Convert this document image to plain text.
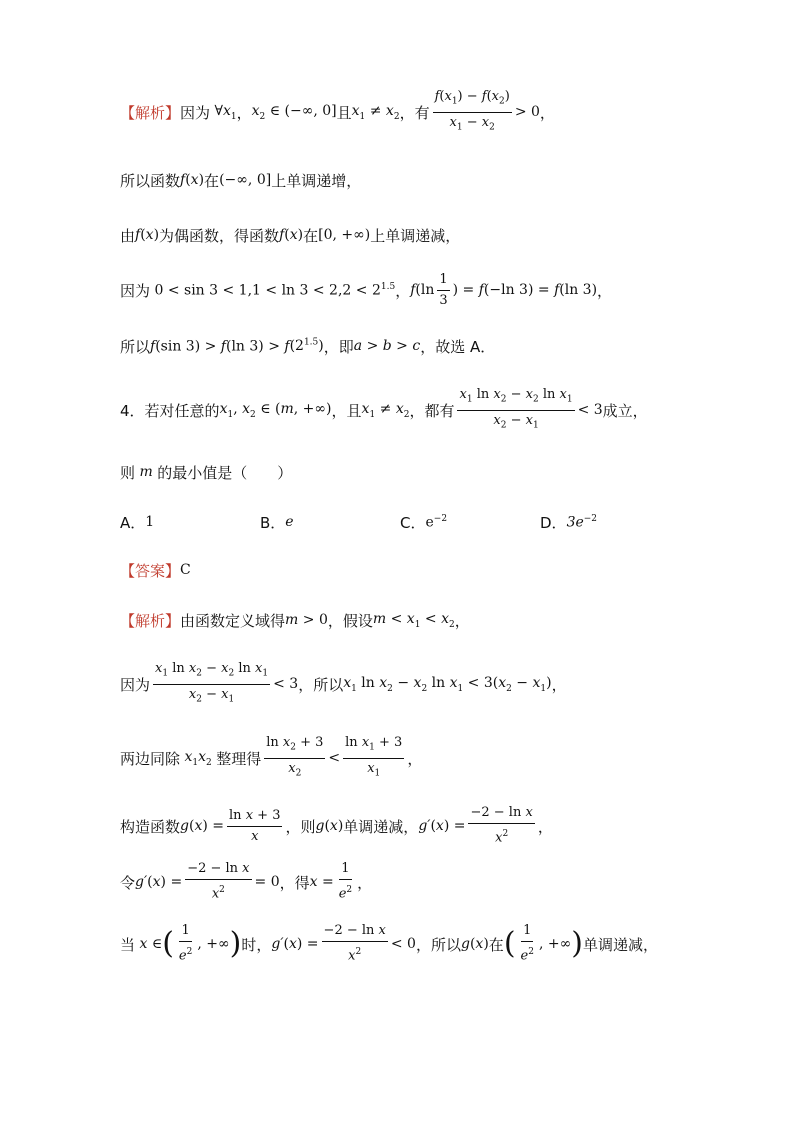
【解析】 因为 $\forall x_1$ ， $x_2$ ∈ (−∞, 0] 且 $x_1 \ne x_2$ ，有 $\frac{f(x_1) - f(x_2)}{x_1 - x_2} > 0$ ，
所以函数 f(x) 在 (−∞, 0] 上单调递增，
由 f(x) 为偶函数，得函数 f(x) 在 [0, +∞) 上单调递减，
因为 $0 < \sin 3 < 1,1 < \ln 3 < 2,2 < 2^{1.5}$ ， $f(\ln \frac{1}{3}$ ) = f(−ln 3) = f(ln 3) ，
所以 f(sin 3) > f(ln $3) > f(2^{1.5})$ ，即 a > b > c ，故选 A．
4． 若对任意的 $x_1$, $x_2$ ∈ (m, +∞) ，且 $x_1 \ne x_2$ ，都有 $\frac{x_1 \ln x_2 - x_2 \ln x_1}{x_2 - x_1} < 3$ 成立，
则 m 的最小值是（　　）
A． 1	B． e	C． $e^{-2}$	D． $3e^{-2}$
【答案】 C
【解析】 由函数定义域得 m > 0 ，假设 $m < x_1 < x_2$ ，
因为 $\frac{x_1 \ln x_2 - x_2 \ln x_1}{x_2 - x_1} < 3$ ，所以 $x_1$ $\ln x_2 - x_2$ $\ln x_1 < 3(x_2 - x_1)$ ，
两边同除 $x_1x_2$ 整理得 $\frac{\ln x_2 + 3}{x_2} < \frac{\ln x_1 + 3}{x_1}$ ，
构造函数 $g(x) = \frac{\text{ln x + 3}}{x}$ ，则 g(x) 单调递减， $g'(x) = \frac{\text{−2 − ln x}}{x^2}$ ，
令 $g'(x) = \frac{\text{−2 − ln x}}{x^2} = 0$ ，得 $x = \frac{1}{e^2}$ ，
当 x ∈ ( $\frac{1}{e^2}$ , +∞ ) 时， $g'(x) = \frac{\text{−2 − ln x}}{x^2} < 0$ ，所以 g(x) 在 ( $\frac{1}{e^2}$ , +∞ ) 单调递减，
